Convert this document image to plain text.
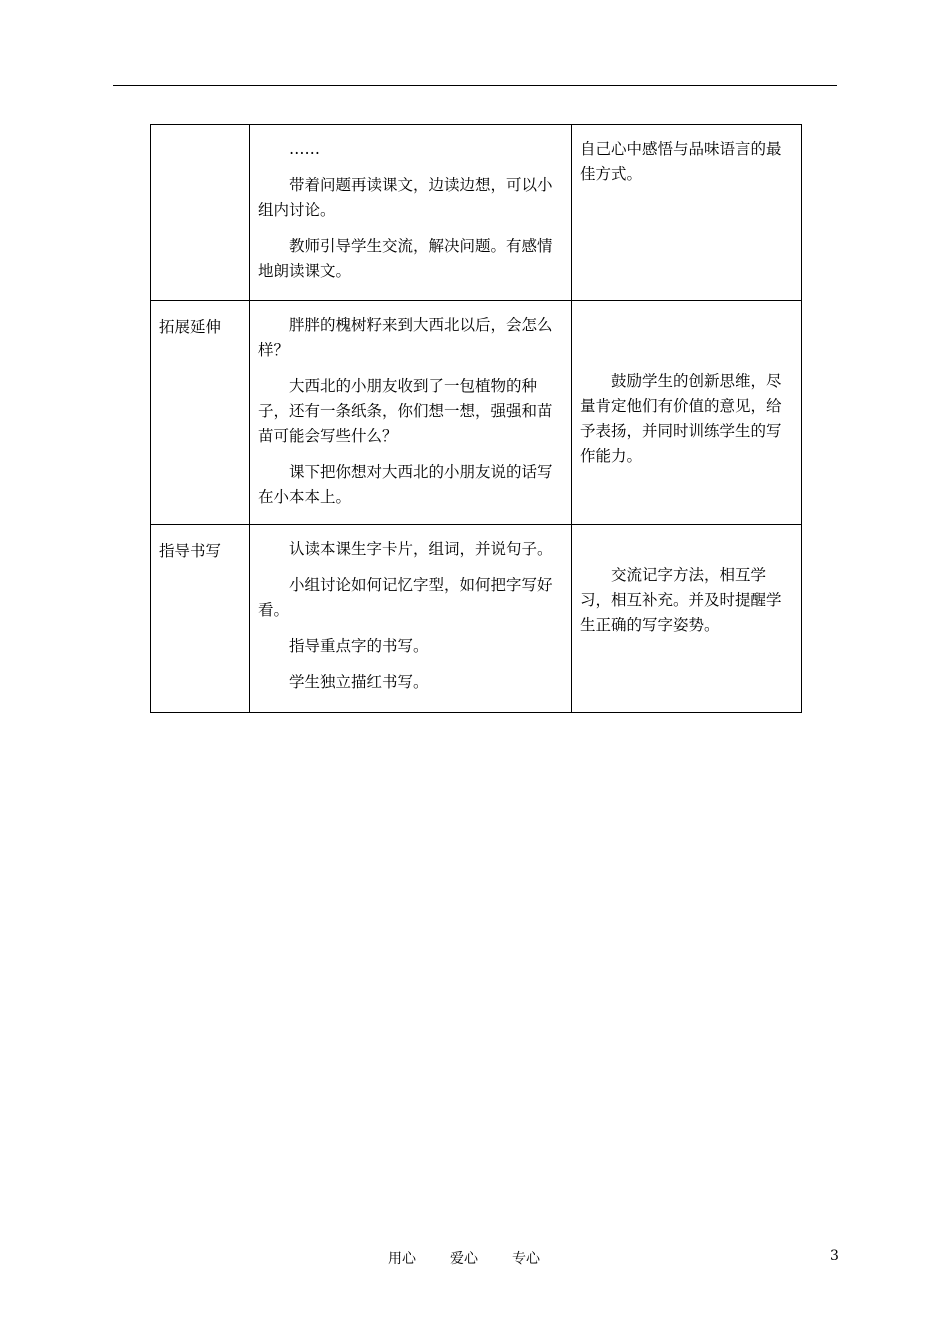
	……

带着问题再读课文，边读边想，可以小组内讨论。

教师引导学生交流，解决问题。有感情地朗读课文。	自己心中感悟与品味语言的最佳方式。

拓展延伸	胖胖的槐树籽来到大西北以后，会怎么样？

大西北的小朋友收到了一包植物的种子，还有一条纸条，你们想一想，强强和苗苗可能会写些什么？

课下把你想对大西北的小朋友说的话写在小本本上。	鼓励学生的创新思维，尽量肯定他们有价值的意见，给予表扬，并同时训练学生的写作能力。

指导书写	认读本课生字卡片，组词，并说句子。

小组讨论如何记忆字型，如何把字写好看。

指导重点字的书写。

学生独立描红书写。	交流记字方法，相互学习，相互补充。并及时提醒学生正确的写字姿势。

用心 爱心 专心	3
